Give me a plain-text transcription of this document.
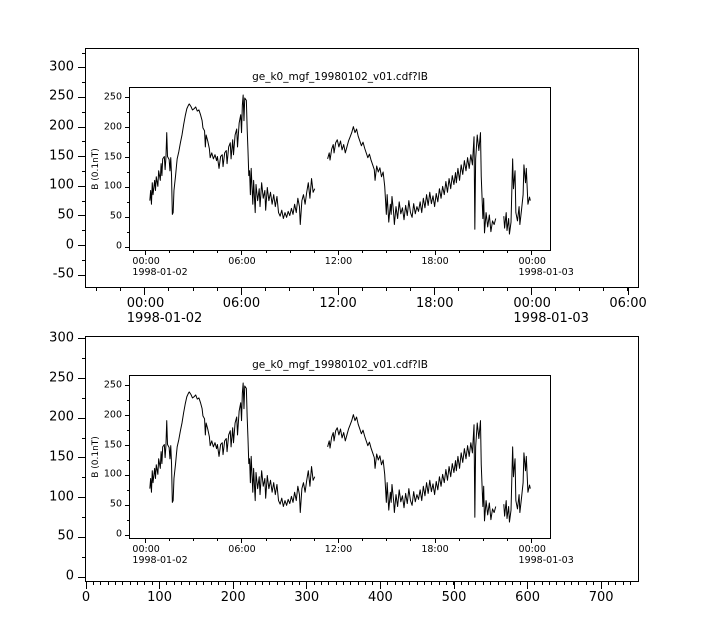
300
250
200
150
100
50
0
-50
00:00
1998-01-02
06:00	12:00	18:00	00:00
1998-01-03
06:00
ge_k0_mgf_19980102_v01.cdf?IB
B (0.1nT)
250
200
150
100
50
0
00:00
1998-01-02
06:00	12:00	18:00	00:00
1998-01-03
300
250
200
150
100
50
0
0	100	200	300	400	500	600	700
ge_k0_mgf_19980102_v01.cdf?IB
B (0.1nT)
250
200
150
100
50
0
00:00
1998-01-02
06:00	12:00	18:00	00:00
1998-01-03
